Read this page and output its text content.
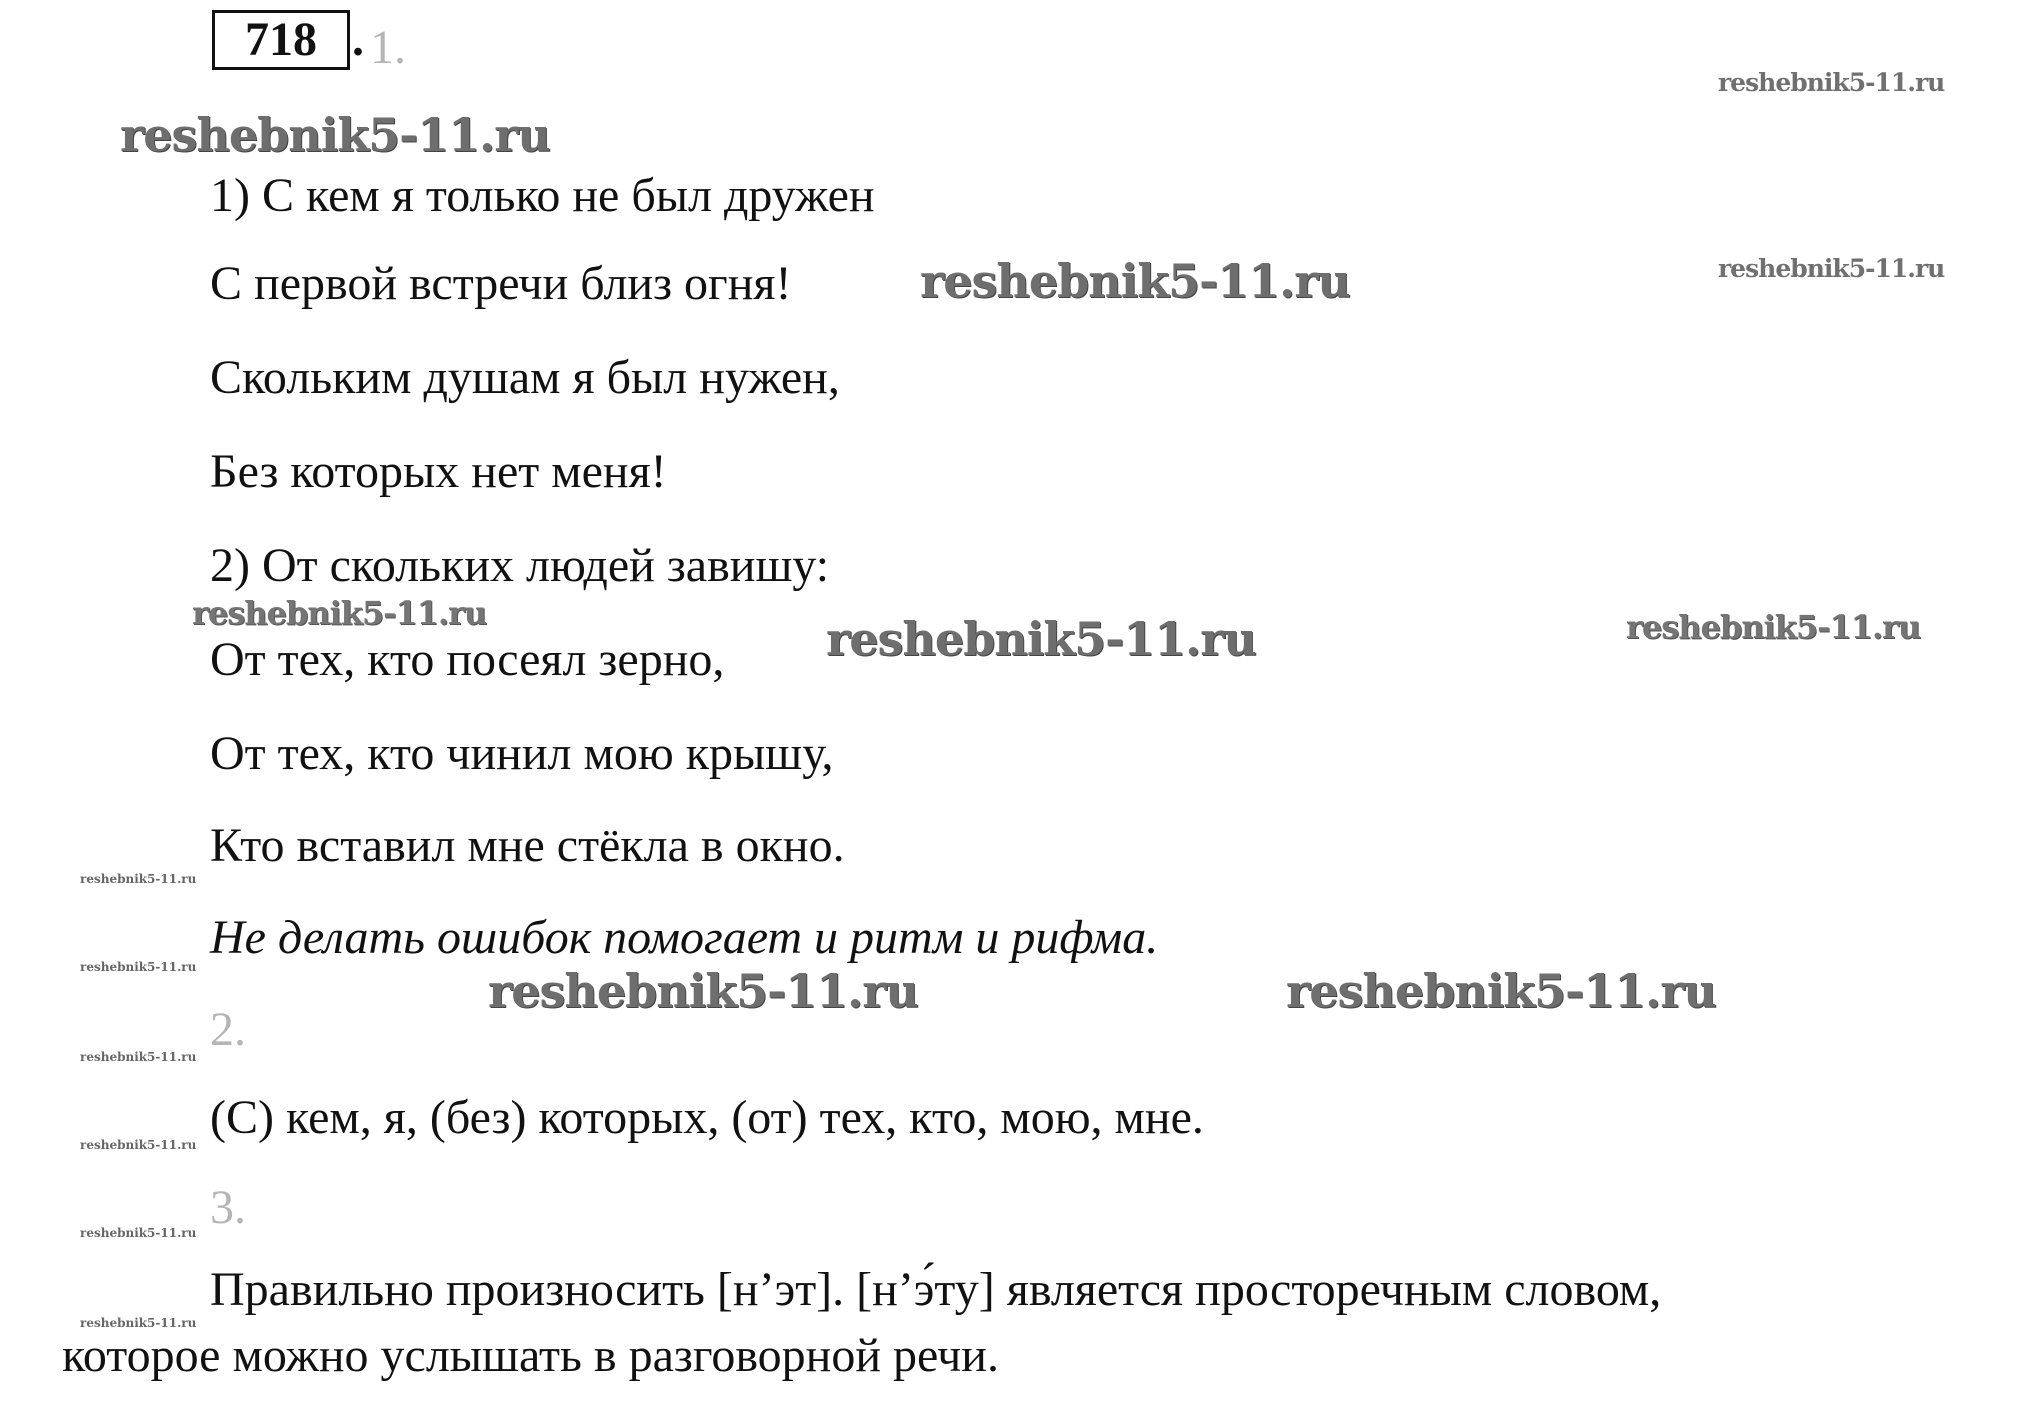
718 . 1.

1) С кем я только не был дружен

С первой встречи близ огня!

Скольким душам я был нужен,

Без которых нет меня!

2) От скольких людей завишу:

От тех, кто посеял зерно,

От тех, кто чинил мою крышу,

Кто вставил мне стёкла в окно.

Не делать ошибок помогает и ритм и рифма.

2.

(С) кем, я, (без) которых, (от) тех, кто, мою, мне.

3.

Правильно произносить [н’эт]. [н’э́ту] является просторечным словом,

которое можно услышать в разговорной речи.

reshebnik5-11.ru
reshebnik5-11.ru
reshebnik5-11.ru
reshebnik5-11.ru	reshebnik5-11.ru
reshebnik5-11.ru	reshebnik5-11.ru
reshebnik5-11.ru
reshebnik5-11.ru
reshebnik5-11.ru
reshebnik5-11.ru
reshebnik5-11.ru
reshebnik5-11.ru
reshebnik5-11.ru
reshebnik5-11.ru
